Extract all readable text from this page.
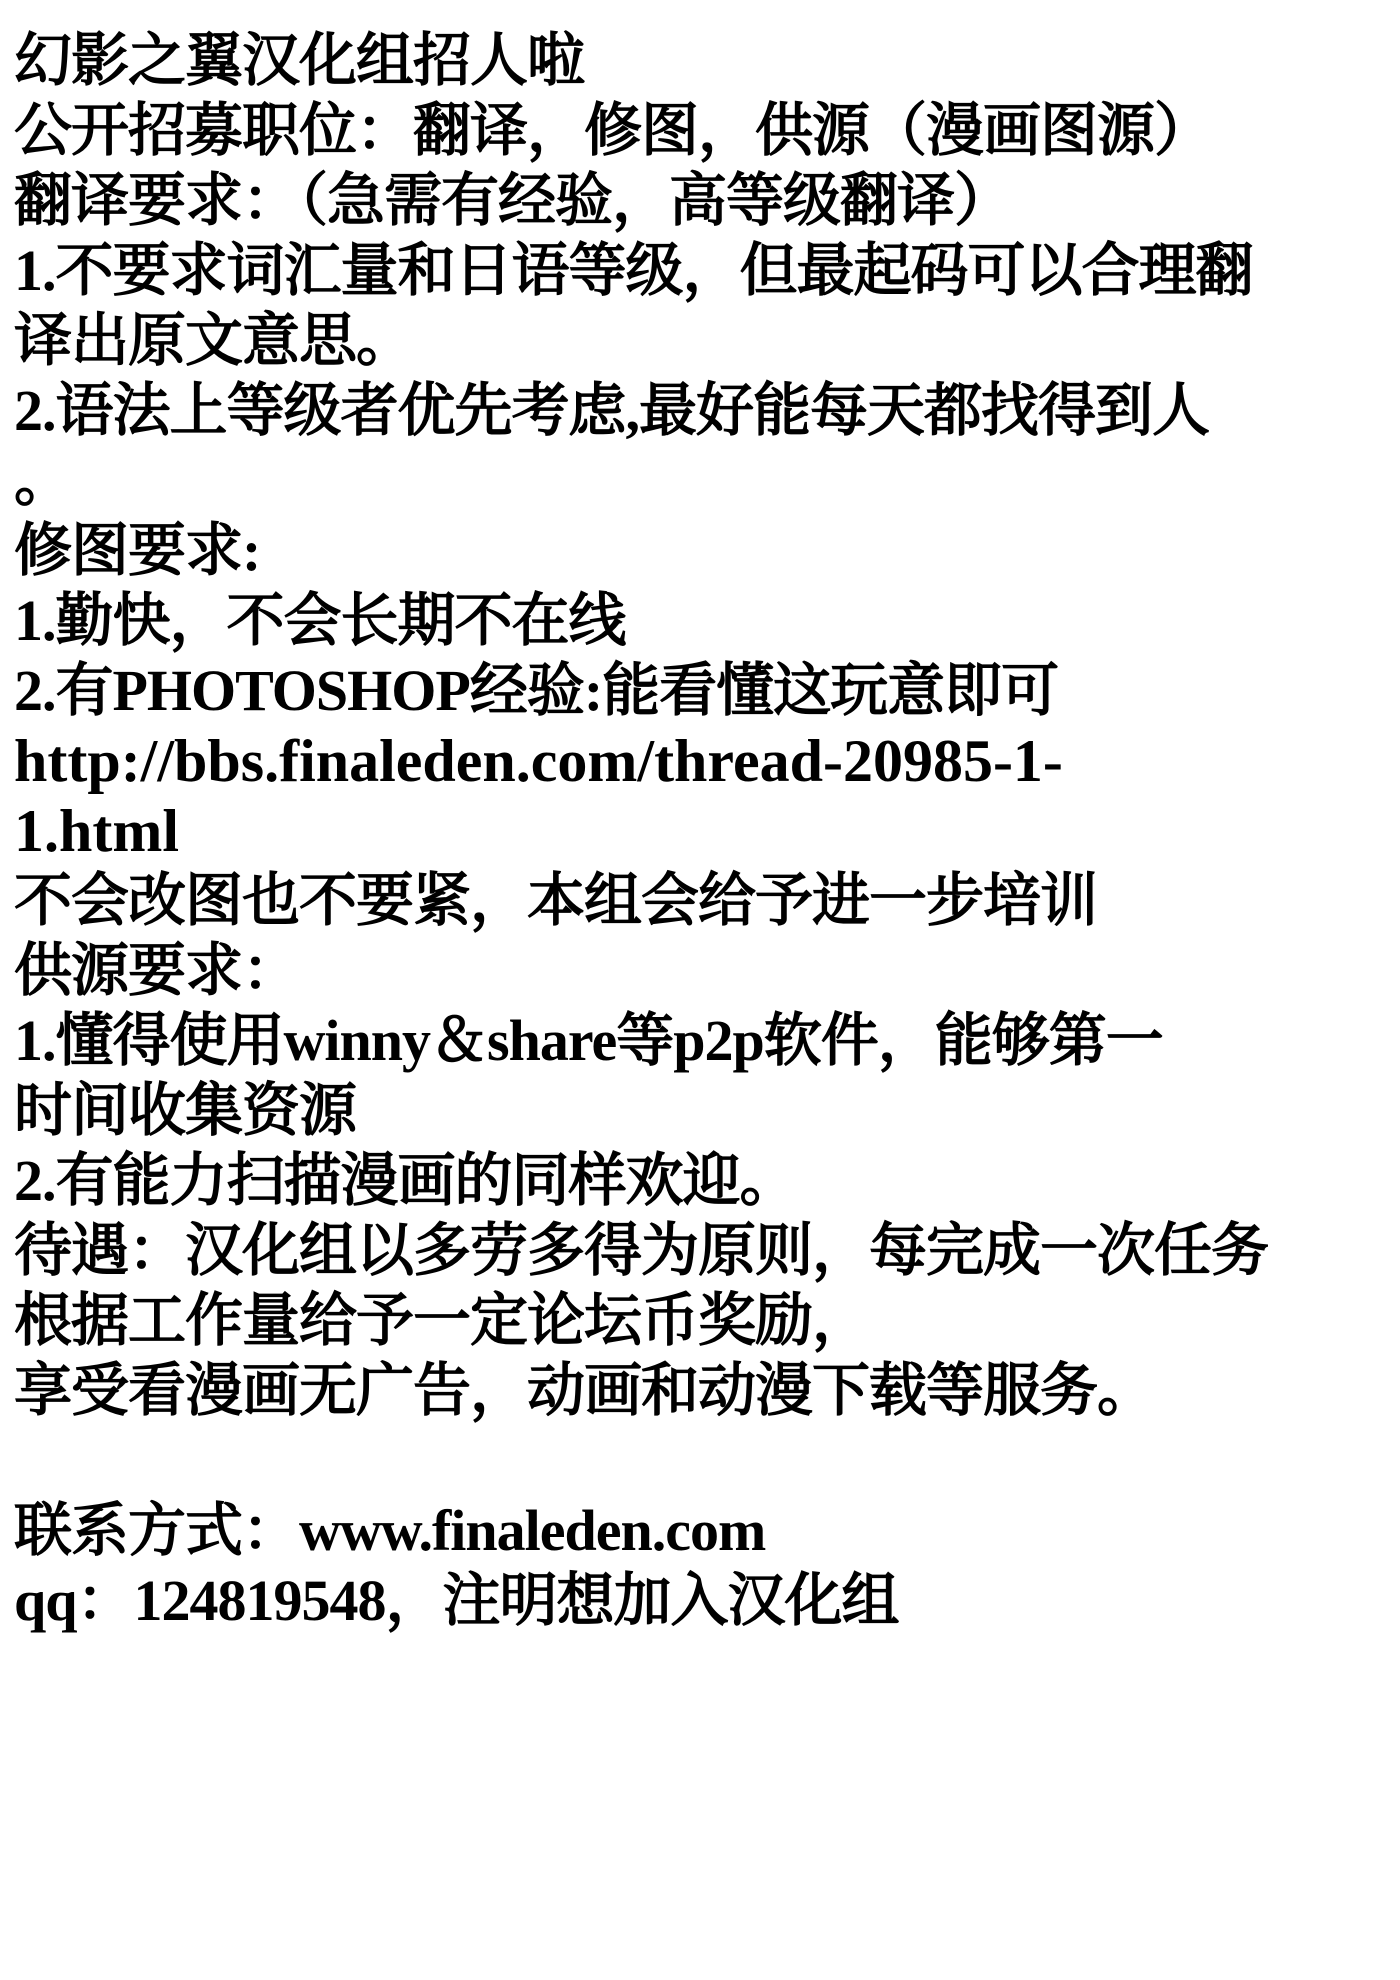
幻影之翼汉化组招人啦
公开招募职位：翻译，修图，供源（漫画图源）
翻译要求：（急需有经验，高等级翻译）
1.不要求词汇量和日语等级，但最起码可以合理翻
译出原文意思。
2.语法上等级者优先考虑,最好能每天都找得到人
。
修图要求:
1.勤快，不会长期不在线
2.有PHOTOSHOP经验:能看懂这玩意即可
http://bbs.finaleden.com/thread-20985-1-
1.html
不会改图也不要紧，本组会给予进一步培训
供源要求：
1.懂得使用winny＆share等p2p软件，能够第一
时间收集资源
2.有能力扫描漫画的同样欢迎。
待遇：汉化组以多劳多得为原则，每完成一次任务
根据工作量给予一定论坛币奖励，
享受看漫画无广告，动画和动漫下载等服务。
联系方式：www.finaleden.com
qq：124819548，注明想加入汉化组
